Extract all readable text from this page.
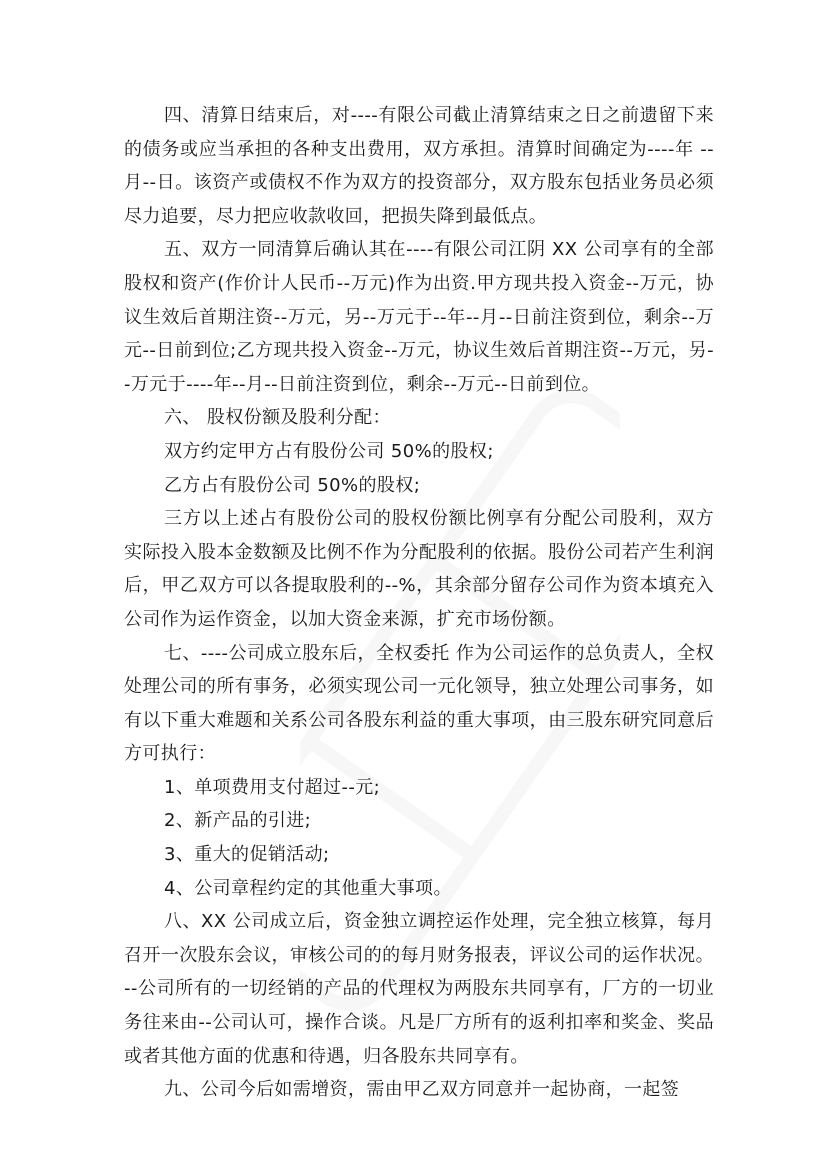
四、清算日结束后，对----有限公司截止清算结束之日之前遗留下来的债务或应当承担的各种支出费用，双方承担。清算时间确定为----年 --月--日。该资产或债权不作为双方的投资部分，双方股东包括业务员必须尽力追要，尽力把应收款收回，把损失降到最低点。

五、双方一同清算后确认其在----有限公司江阴 XX 公司享有的全部股权和资产(作价计人民币--万元)作为出资.甲方现共投入资金--万元，协议生效后首期注资--万元，另--万元于--年--月--日前注资到位，剩余--万元--日前到位;乙方现共投入资金--万元，协议生效后首期注资--万元，另--万元于----年--月--日前注资到位，剩余--万元--日前到位。

六、 股权份额及股利分配：

双方约定甲方占有股份公司 50%的股权;

乙方占有股份公司 50%的股权;

三方以上述占有股份公司的股权份额比例享有分配公司股利，双方实际投入股本金数额及比例不作为分配股利的依据。股份公司若产生利润后，甲乙双方可以各提取股利的--%，其余部分留存公司作为资本填充入公司作为运作资金，以加大资金来源，扩充市场份额。

七、----公司成立股东后，全权委托 作为公司运作的总负责人，全权处理公司的所有事务，必须实现公司一元化领导，独立处理公司事务，如有以下重大难题和关系公司各股东利益的重大事项，由三股东研究同意后方可执行：

1、单项费用支付超过--元;

2、新产品的引进;

3、重大的促销活动;

4、公司章程约定的其他重大事项。

八、XX 公司成立后，资金独立调控运作处理，完全独立核算，每月召开一次股东会议，审核公司的的每月财务报表，评议公司的运作状况。--公司所有的一切经销的产品的代理权为两股东共同享有，厂方的一切业务往来由--公司认可，操作合谈。凡是厂方所有的返利扣率和奖金、奖品或者其他方面的优惠和待遇，归各股东共同享有。

九、公司今后如需增资，需由甲乙双方同意并一起协商，一起签
